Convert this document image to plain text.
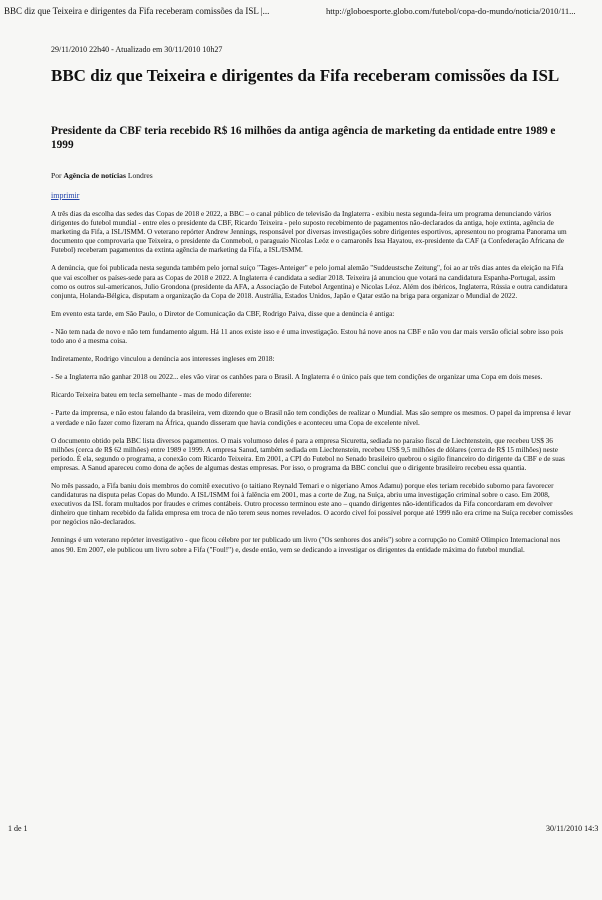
BBC diz que Teixeira e dirigentes da Fifa receberam comissões da ISL |...	http://globoesporte.globo.com/futebol/copa-do-mundo/noticia/2010/11...
29/11/2010 22h40 - Atualizado em 30/11/2010 10h27
BBC diz que Teixeira e dirigentes da Fifa receberam comissões da ISL
Presidente da CBF teria recebido R$ 16 milhões da antiga agência de marketing da entidade entre 1989 e 1999
Por Agência de notícias Londres
imprimir

A três dias da escolha das sedes das Copas de 2018 e 2022, a BBC – o canal público de televisão da Inglaterra - exibiu nesta segunda-feira um programa denunciando vários dirigentes do futebol mundial - entre eles o presidente da CBF, Ricardo Teixeira - pelo suposto recebimento de pagamentos não-declarados da antiga, hoje extinta, agência de marketing da Fifa, a ISL/ISMM. O veterano repórter Andrew Jennings, responsável por diversas investigações sobre dirigentes esportivos, apresentou no programa Panorama um documento que comprovaria que Teixeira, o presidente da Conmebol, o paraguaio Nicolas Leóz e o camaronês Issa Hayatou, ex-presidente da CAF (a Confederação Africana de Futebol) receberam pagamentos da extinta agência de marketing da Fifa, a ISL/ISMM.

A denúncia, que foi publicada nesta segunda também pelo jornal suíço "Tages-Anteiger" e pelo jornal alemão "Suddeustsche Zeitung", foi ao ar três dias antes da eleição na Fifa que vai escolher os países-sede para as Copas de 2018 e 2022. A Inglaterra é candidata a sediar 2018. Teixeira já anunciou que votará na candidatura Espanha-Portugal, assim como os outros sul-americanos, Julio Grondona (presidente da AFA, a Associação de Futebol Argentina) e Nicolas Léoz. Além dos ibéricos, Inglaterra, Rússia e outra candidatura conjunta, Holanda-Bélgica, disputam a organização da Copa de 2018. Austrália, Estados Unidos, Japão e Qatar estão na briga para organizar o Mundial de 2022.

Em evento esta tarde, em São Paulo, o Diretor de Comunicação da CBF, Rodrigo Paiva, disse que a denúncia é antiga:

- Não tem nada de novo e não tem fundamento algum. Há 11 anos existe isso e é uma investigação. Estou há nove anos na CBF e não vou dar mais versão oficial sobre isso pois todo ano é a mesma coisa.

Indiretamente, Rodrigo vinculou a denúncia aos interesses ingleses em 2018:

- Se a Inglaterra não ganhar 2018 ou 2022... eles vão virar os canhões para o Brasil. A Inglaterra é o único país que tem condições de organizar uma Copa em dois meses.

Ricardo Teixeira bateu em tecla semelhante - mas de modo diferente:

- Parte da imprensa, e não estou falando da brasileira, vem dizendo que o Brasil não tem condições de realizar o Mundial. Mas são sempre os mesmos. O papel da imprensa é levar a verdade e não fazer como fizeram na África, quando disseram que havia condições e aconteceu uma Copa de excelente nível.

O documento obtido pela BBC lista diversos pagamentos. O mais volumoso deles é para a empresa Sicuretta, sediada no paraíso fiscal de Liechtenstein, que recebeu US$ 36 milhões (cerca de R$ 62 milhões) entre 1989 e 1999. A empresa Sanud, também sediada em Liechtenstein, recebeu US$ 9,5 milhões de dólares (cerca de R$ 15 milhões) neste período. É ela, segundo o programa, a conexão com Ricardo Teixeira. Em 2001, a CPI do Futebol no Senado brasileiro quebrou o sigilo financeiro do dirigente da CBF e de suas empresas. A Sanud apareceu como dona de ações de algumas destas empresas. Por isso, o programa da BBC conclui que o dirigente brasileiro recebeu essa quantia.

No mês passado, a Fifa baniu dois membros do comitê executivo (o taitiano Reynald Temari e o nigeriano Amos Adamu) porque eles teriam recebido suborno para favorecer candidaturas na disputa pelas Copas do Mundo. A ISL/ISMM foi à falência em 2001, mas a corte de Zug, na Suíça, abriu uma investigação criminal sobre o caso. Em 2008, executivos da ISL foram multados por fraudes e crimes contábeis. Outro processo terminou este ano – quando dirigentes não-identificados da Fifa concordaram em devolver dinheiro que tinham recebido da falida empresa em troca de não terem seus nomes revelados. O acordo civel foi possível porque até 1999 não era crime na Suíça receber comissões por negócios não-declarados.

Jennings é um veterano repórter investigativo - que ficou célebre por ter publicado um livro ("Os senhores dos anéis") sobre a corrupção no Comitê Olímpico Internacional nos anos 90. Em 2007, ele publicou um livro sobre a Fifa ("Foul!") e, desde então, vem se dedicando a investigar os dirigentes da entidade máxima do futebol mundial.

1 de 1	30/11/2010 14:3
